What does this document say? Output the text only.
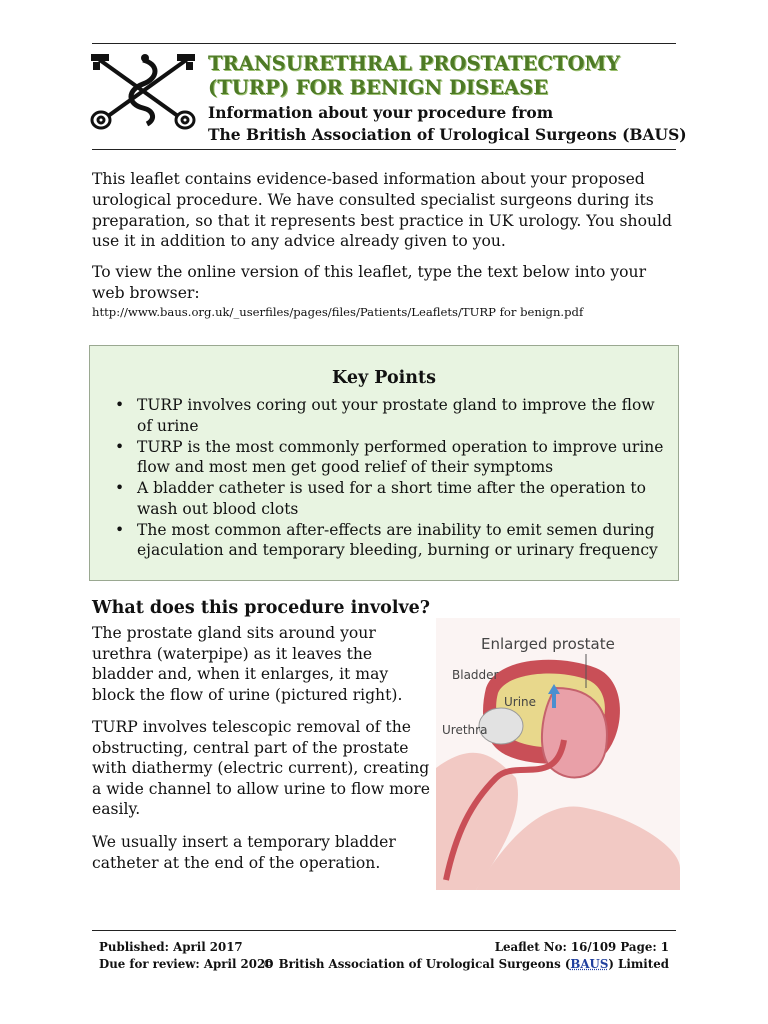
TRANSURETHRAL PROSTATECTOMY
(TURP) FOR BENIGN DISEASE
Information about your procedure from
The British Association of Urological Surgeons (BAUS)

This leaflet contains evidence-based information about your proposed urological procedure. We have consulted specialist surgeons during its preparation, so that it represents best practice in UK urology. You should use it in addition to any advice already given to you.

To view the online version of this leaflet, type the text below into your web browser:

http://www.baus.org.uk/_userfiles/pages/files/Patients/Leaflets/TURP for benign.pdf
Key Points
• TURP involves coring out your prostate gland to improve the flow of urine
• TURP is the most commonly performed operation to improve urine flow and most men get good relief of their symptoms
• A bladder catheter is used for a short time after the operation to wash out blood clots
• The most common after-effects are inability to emit semen during ejaculation and temporary bleeding, burning or urinary frequency
What does this procedure involve?

The prostate gland sits around your urethra (waterpipe) as it leaves the bladder and, when it enlarges, it may block the flow of urine (pictured right).

TURP involves telescopic removal of the obstructing, central part of the prostate with diathermy (electric current), creating a wide channel to allow urine to flow more easily.

We usually insert a temporary bladder catheter at the end of the operation.

Enlarged prostate
Bladder
Urine
Urethra
Published: April 2017
Due for review: April 2020
Leaflet No: 16/109 Page: 1
© British Association of Urological Surgeons (BAUS) Limited
